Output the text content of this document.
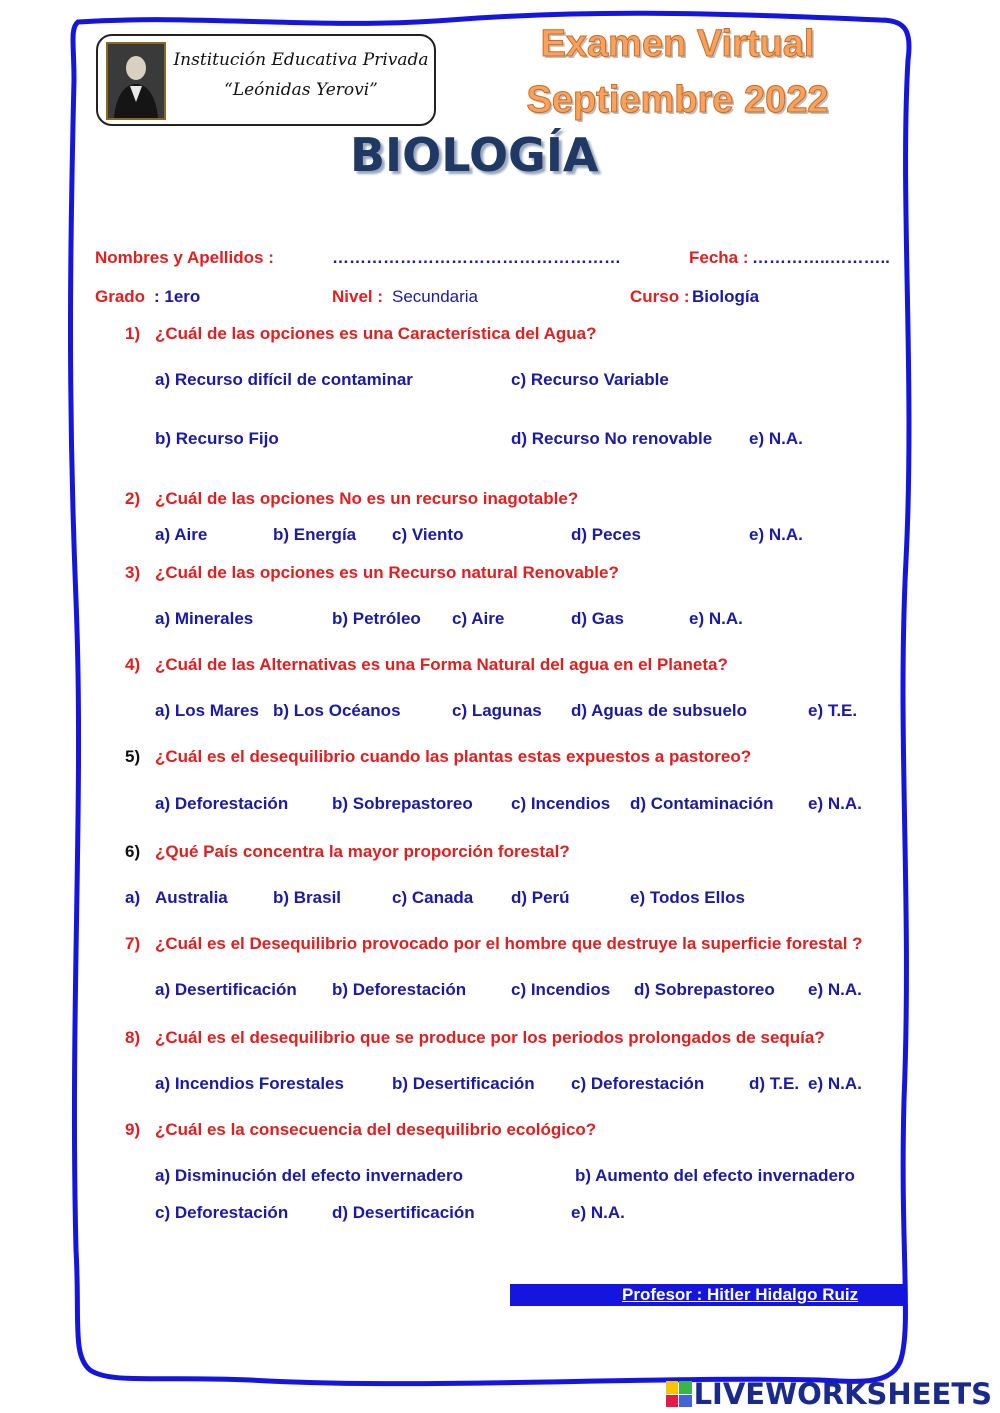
Institución Educativa Privada
“Leónidas Yerovi”
Examen Virtual
Septiembre 2022
BIOLOGÍA
Nombres y Apellidos :	……………………………………………	Fecha : …………..………..
Grado : 1ero	Nivel : Secundaria	Curso : Biología
1) ¿Cuál de las opciones es una Característica del Agua?
a) Recurso difícil de contaminar	c) Recurso Variable
b) Recurso Fijo	d) Recurso No renovable e) N.A.
2) ¿Cuál de las opciones No es un recurso inagotable?
a) Aire	b) Energía c) Viento	d) Peces	e) N.A.
3) ¿Cuál de las opciones es un Recurso natural Renovable?
a) Minerales	b) Petróleo c) Aire	d) Gas	e) N.A.
4) ¿Cuál de las Alternativas es una Forma Natural del agua en el Planeta?
a) Los Mares b) Los Océanos	c) Lagunas d) Aguas de subsuelo	e) T.E.
5) ¿Cuál es el desequilibrio cuando las plantas estas expuestos a pastoreo?
a) Deforestación	b) Sobrepastoreo c) Incendios d) Contaminación e) N.A.
6) ¿Qué País concentra la mayor proporción forestal?
a) Australia	b) Brasil	c) Canada d) Perú	e) Todos Ellos
7) ¿Cuál es el Desequilibrio provocado por el hombre que destruye la superficie forestal ?
a) Desertificación b) Deforestación	c) Incendios d) Sobrepastoreo e) N.A.
8) ¿Cuál es el desequilibrio que se produce por los periodos prolongados de sequía?
a) Incendios Forestales	b) Desertificación c) Deforestación	d) T.E. e) N.A.
9) ¿Cuál es la consecuencia del desequilibrio ecológico?
a) Disminución del efecto invernadero	b) Aumento del efecto invernadero
c) Deforestación	d) Desertificación	e) N.A.
Profesor : Hitler Hidalgo Ruiz
LIVEWORKSHEETS
